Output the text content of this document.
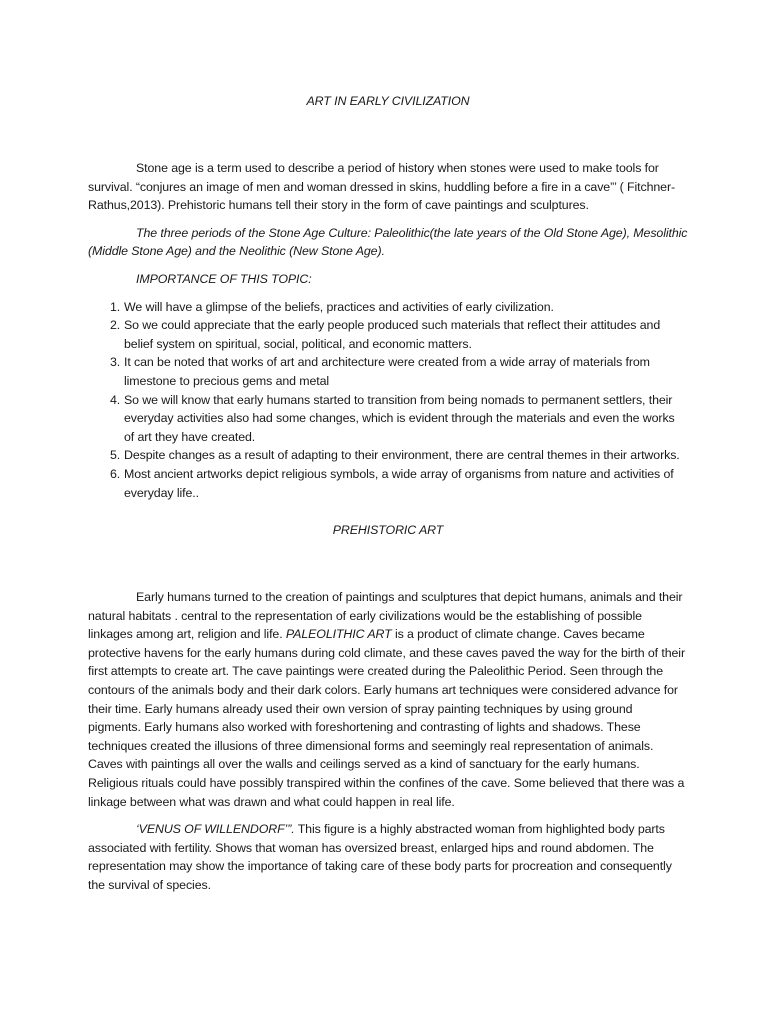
ART IN EARLY CIVILIZATION

Stone age is a term used to describe a period of history when stones were used to make tools for survival. “conjures an image of men and woman dressed in skins, huddling before a fire in a cave”’ ( Fitchner-Rathus,2013). Prehistoric humans tell their story in the form of cave paintings and sculptures.

The three periods of the Stone Age Culture: Paleolithic(the late years of the Old Stone Age), Mesolithic (Middle Stone Age) and the Neolithic (New Stone Age).

IMPORTANCE OF THIS TOPIC:

1. We will have a glimpse of the beliefs, practices and activities of early civilization.
2. So we could appreciate that the early people produced such materials that reflect their attitudes and belief system on spiritual, social, political, and economic matters.
3. It can be noted that works of art and architecture were created from a wide array of materials from limestone to precious gems and metal
4. So we will know that early humans started to transition from being nomads to permanent settlers, their everyday activities also had some changes, which is evident through the materials and even the works of art they have created.
5. Despite changes as a result of adapting to their environment, there are central themes in their artworks.
6. Most ancient artworks depict religious symbols, a wide array of organisms from nature and activities of everyday life..

PREHISTORIC ART

Early humans turned to the creation of paintings and sculptures that depict humans, animals and their natural habitats . central to the representation of early civilizations would be the establishing of possible linkages among art, religion and life. PALEOLITHIC ART is a product of climate change. Caves became protective havens for the early humans during cold climate, and these caves paved the way for the birth of their first attempts to create art. The cave paintings were created during the Paleolithic Period. Seen through the contours of the animals body and their dark colors. Early humans art techniques were considered advance for their time. Early humans already used their own version of spray painting techniques by using ground pigments. Early humans also worked with foreshortening and contrasting of lights and shadows. These techniques created the illusions of three dimensional forms and seemingly real representation of animals. Caves with paintings all over the walls and ceilings served as a kind of sanctuary for the early humans. Religious rituals could have possibly transpired within the confines of the cave. Some believed that there was a linkage between what was drawn and what could happen in real life.

‘VENUS OF WILLENDORF’”. This figure is a highly abstracted woman from highlighted body parts associated with fertility. Shows that woman has oversized breast, enlarged hips and round abdomen. The representation may show the importance of taking care of these body parts for procreation and consequently the survival of species.
